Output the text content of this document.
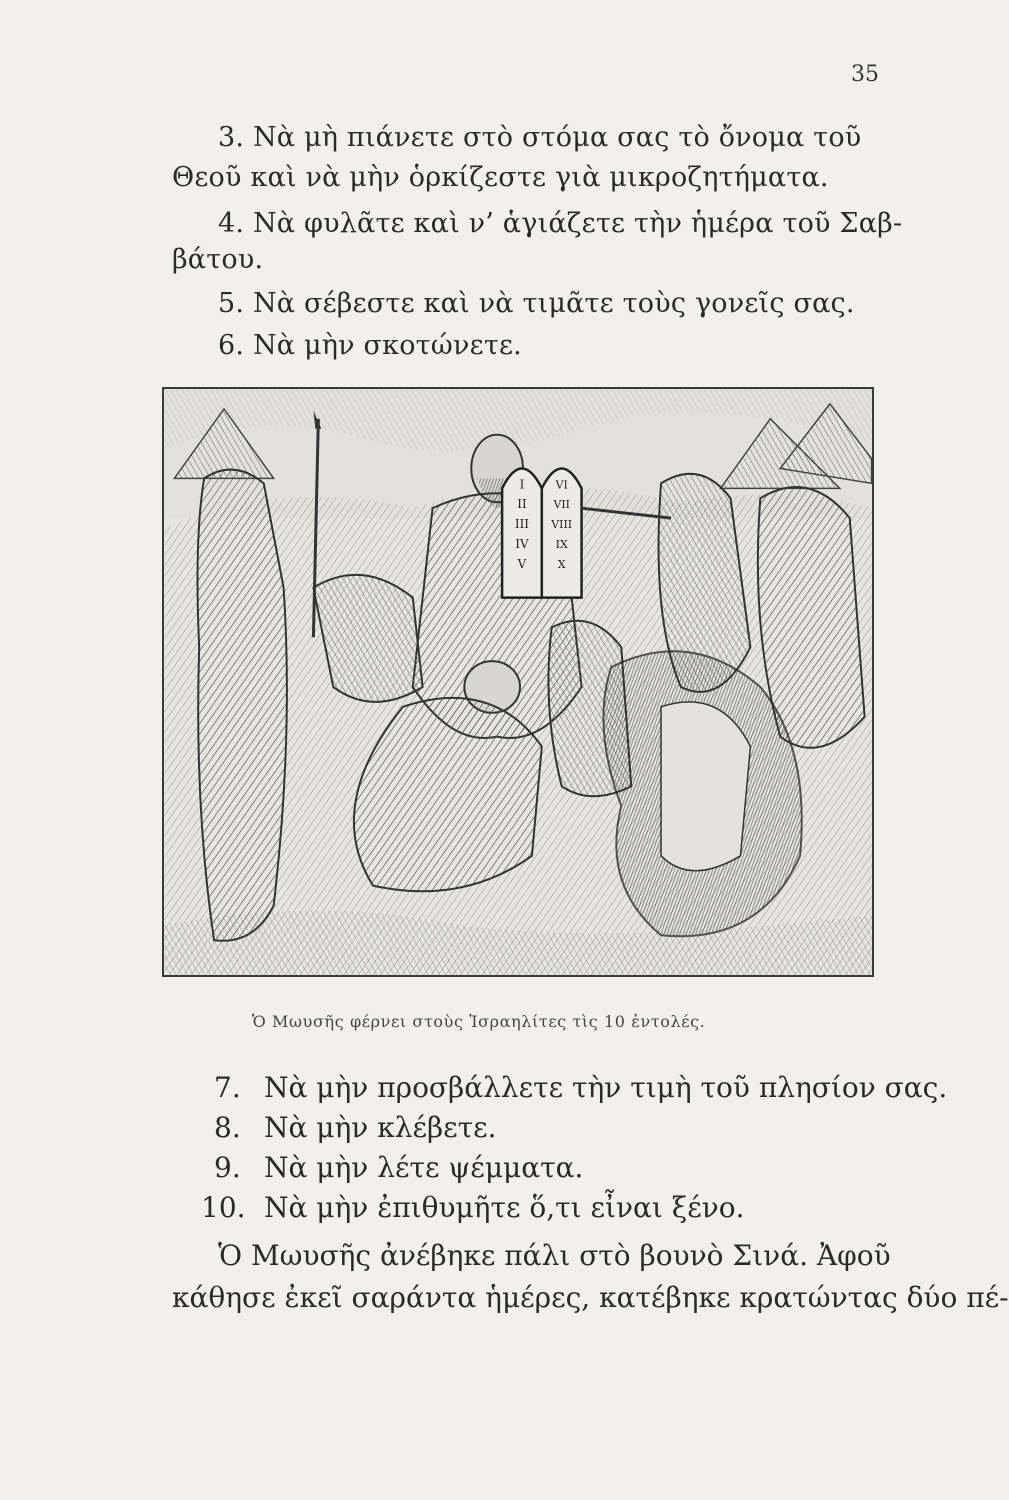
35
3. Νὰ μὴ πιάνετε στὸ στόμα σας τὸ ὄνομα τοῦ
Θεοῦ καὶ νὰ μὴν ὁρκίζεστε γιὰ μικροζητήματα.
4. Νὰ φυλᾶτε καὶ ν’ ἁγιάζετε τὴν ἡμέρα τοῦ Σαβ-
βάτου.
5. Νὰ σέβεστε καὶ νὰ τιμᾶτε τοὺς γονεῖς σας.
6. Νὰ μὴν σκοτώνετε.
I
II
III
IV
V
VI
VII
VIII
IX
X
Ὁ Μωυσῆς φέρνει στοὺς Ἰσραηλίτες τὶς 10 ἐντολές.
7. Νὰ μὴν προσβάλλετε τὴν τιμὴ τοῦ πλησίον σας.
8. Νὰ μὴν κλέβετε.
9. Νὰ μὴν λέτε ψέμματα.
10. Νὰ μὴν ἐπιθυμῆτε ὅ,τι εἶναι ξένο.
Ὁ Μωυσῆς ἀνέβηκε πάλι στὸ βουνὸ Σινά. Ἀφοῦ
κάθησε ἐκεῖ σαράντα ἡμέρες, κατέβηκε κρατώντας δύο πέ-
